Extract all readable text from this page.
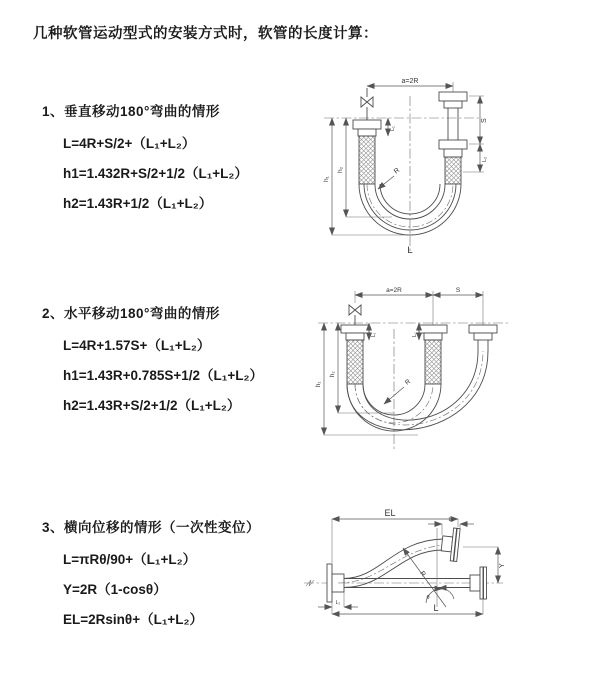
几种软管运动型式的安装方式时，软管的长度计算：
1、垂直移动180°弯曲的情形
L=4R+S/2+（L₁+L₂）
h1=1.432R+S/2+1/2（L₁+L₂）
h2=1.43R+1/2（L₁+L₂）
2、水平移动180°弯曲的情形
L=4R+1.57S+（L₁+L₂）
h1=1.43R+0.785S+1/2（L₁+L₂）
h2=1.43R+S/2+1/2（L₁+L₂）
3、横向位移的情形（一次性变位）
L=πRθ/90+（L₁+L₂）
Y=2R（1-cosθ）
EL=2Rsinθ+（L₁+L₂）
a=2R
h₁
h₂
L₁
S
L₂
R
L
a=2R	S
h₁
h₂
L₁	L₂
R
EL
L₁
Y
L
L₂
R
θ
